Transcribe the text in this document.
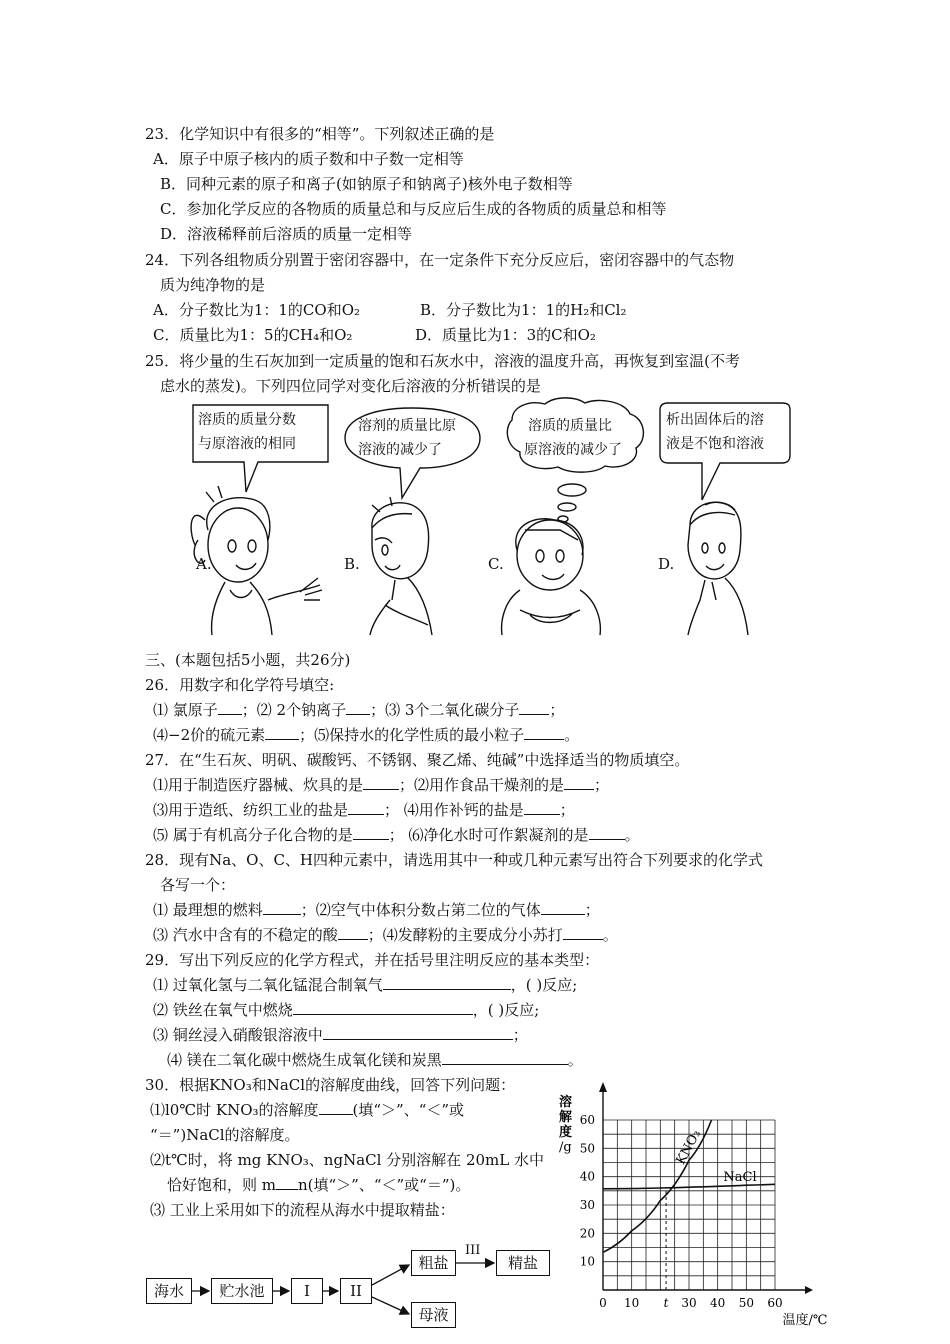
23．化学知识中有很多的“相等”。下列叙述正确的是
A．原子中原子核内的质子数和中子数一定相等
B．同种元素的原子和离子(如钠原子和钠离子)核外电子数相等
C．参加化学反应的各物质的质量总和与反应后生成的各物质的质量总和相等
D．溶液稀释前后溶质的质量一定相等
24．下列各组物质分别置于密闭容器中，在一定条件下充分反应后，密闭容器中的气态物
质为纯净物的是
A．分子数比为1：1的CO和O₂	B．分子数比为1：1的H₂和Cl₂
C．质量比为1：5的CH₄和O₂	D．质量比为1：3的C和O₂
25．将少量的生石灰加到一定质量的饱和石灰水中，溶液的温度升高，再恢复到室温(不考
虑水的蒸发)。下列四位同学对变化后溶液的分析错误的是
溶质的质量分数
与原溶液的相同
溶剂的质量比原
溶液的减少了
溶质的质量比
原溶液的减少了
析出固体后的溶
液是不饱和溶液
A.	B.	C.	D.
三、(本题包括5小题，共26分)
26．用数字和化学符号填空:
⑴ 氯原子 ；⑵ 2个钠离子 ；⑶ 3个二氧化碳分子 ；
⑷−2价的硫元素 ；⑸保持水的化学性质的最小粒子	。
27．在“生石灰、明矾、碳酸钙、不锈钢、聚乙烯、纯碱”中选择适当的物质填空。
⑴用于制造医疗器械、炊具的是 ；⑵用作食品干燥剂的是 ；
⑶用于造纸、纺织工业的盐是 ； ⑷用作补钙的盐是 ；
⑸ 属于有机高分子化合物的是 ； ⑹净化水时可作絮凝剂的是 。
28．现有Na、O、C、H四种元素中，请选用其中一种或几种元素写出符合下列要求的化学式
各写一个：
⑴ 最理想的燃料	；⑵空气中体积分数占第二位的气体	；
⑶ 汽水中含有的不稳定的酸 ；⑷发酵粉的主要成分小苏打	。
29．写出下列反应的化学方程式，并在括号里注明反应的基本类型：
⑴ 过氧化氢与二氧化锰混合制氧气	，( )反应;
⑵ 铁丝在氧气中燃烧	，( )反应;
⑶ 铜丝浸入硝酸银溶液中	；
⑷ 镁在二氧化碳中燃烧生成氧化镁和炭黑	。
30．根据KNO₃和NaCl的溶解度曲线，回答下列问题：
⑴l0℃时 KNO₃的溶解度 (填“＞”、“＜”或
“＝”)NaCl的溶解度。
⑵t℃时，将 mg KNO₃、ngNaCl 分别溶解在 20mL 水中
恰好饱和，则 m n(填“＞”、“＜”或“＝”)。
⑶ 工业上采用如下的流程从海水中提取精盐：
海水	贮水池	I	II
粗盐
III
精盐
母液
0 10 t 30 40 50 60
10
20
30
40
50
60
溶
解
度
/g
温度/℃
KNO₃
NaCl
